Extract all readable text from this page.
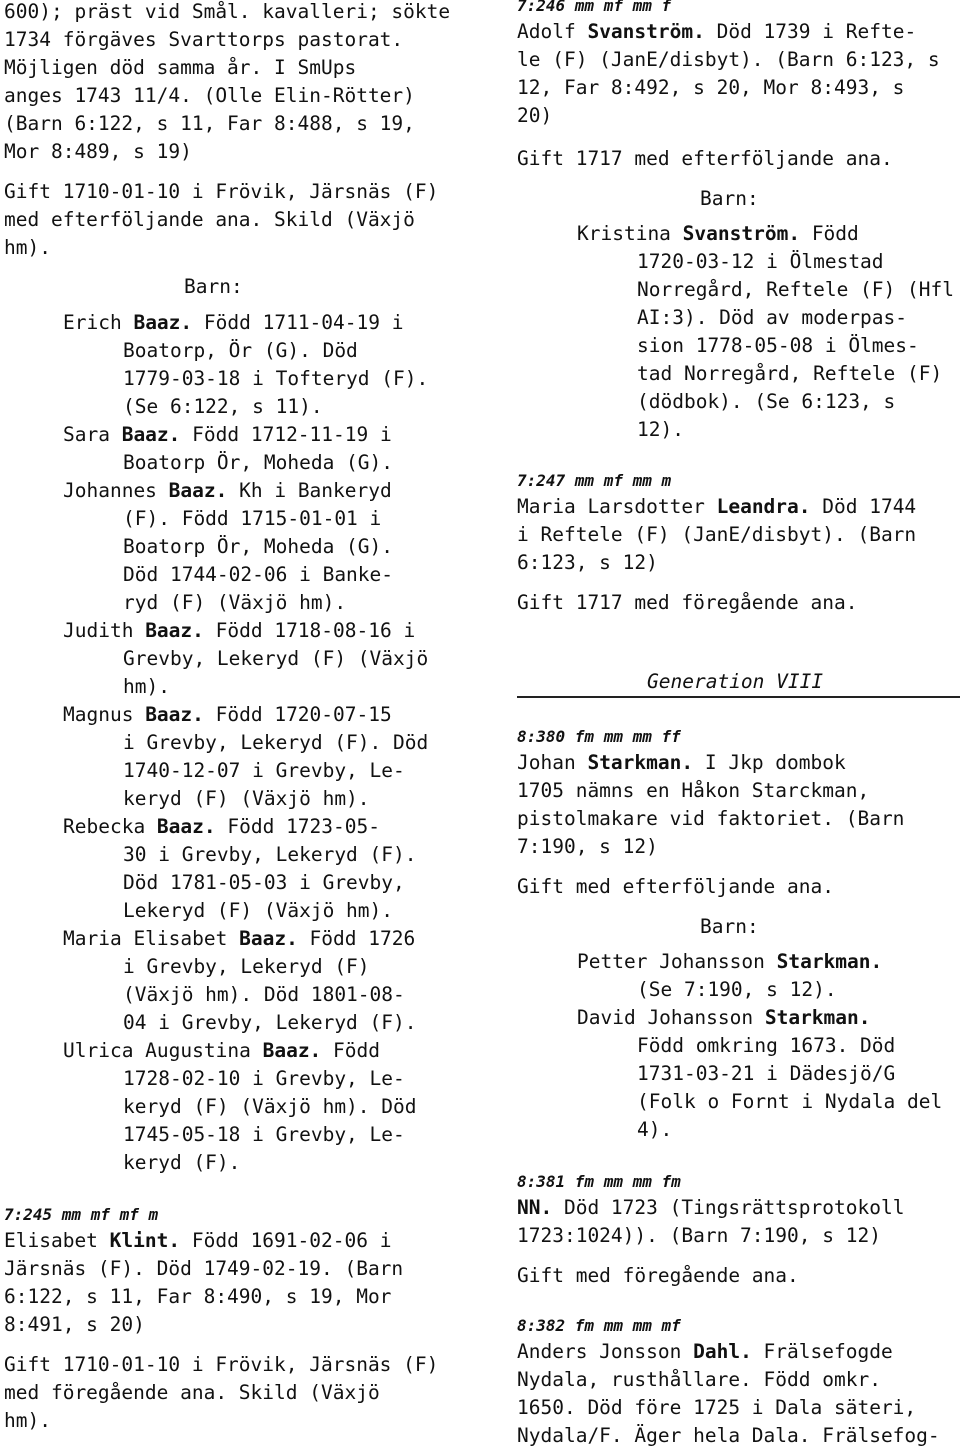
600); präst vid Smål. kavalleri; sökte
1734 förgäves Svarttorps pastorat.
Möjligen död samma år. I SmUps
anges 1743 11/4. (Olle Elin-Rötter)
(Barn 6:122, s 11, Far 8:488, s 19,
Mor 8:489, s 19)
Gift 1710-01-10 i Frövik, Järsnäs (F)
med efterföljande ana. Skild (Växjö
hm).
Barn:
Erich Baaz. Född 1711-04-19 i
Boatorp, Ör (G). Död
1779-03-18 i Tofteryd (F).
(Se 6:122, s 11).
Sara Baaz. Född 1712-11-19 i
Boatorp Ör, Moheda (G).
Johannes Baaz. Kh i Bankeryd
(F). Född 1715-01-01 i
Boatorp Ör, Moheda (G).
Död 1744-02-06 i Banke-
ryd (F) (Växjö hm).
Judith Baaz. Född 1718-08-16 i
Grevby, Lekeryd (F) (Växjö
hm).
Magnus Baaz. Född 1720-07-15
i Grevby, Lekeryd (F). Död
1740-12-07 i Grevby, Le-
keryd (F) (Växjö hm).
Rebecka Baaz. Född 1723-05-
30 i Grevby, Lekeryd (F).
Död 1781-05-03 i Grevby,
Lekeryd (F) (Växjö hm).
Maria Elisabet Baaz. Född 1726
i Grevby, Lekeryd (F)
(Växjö hm). Död 1801-08-
04 i Grevby, Lekeryd (F).
Ulrica Augustina Baaz. Född
1728-02-10 i Grevby, Le-
keryd (F) (Växjö hm). Död
1745-05-18 i Grevby, Le-
keryd (F).
7:245 mm mf mf m
Elisabet Klint. Född 1691-02-06 i
Järsnäs (F). Död 1749-02-19. (Barn
6:122, s 11, Far 8:490, s 19, Mor
8:491, s 20)
Gift 1710-01-10 i Frövik, Järsnäs (F)
med föregående ana. Skild (Växjö
hm).
7:246 mm mf mm f
Adolf Svanström. Död 1739 i Refte-
le (F) (JanE/disbyt). (Barn 6:123, s
12, Far 8:492, s 20, Mor 8:493, s
20)
Gift 1717 med efterföljande ana.
Barn:
Kristina Svanström. Född
1720-03-12 i Ölmestad
Norregård, Reftele (F) (Hfl
AI:3). Död av moderpas-
sion 1778-05-08 i Ölmes-
tad Norregård, Reftele (F)
(dödbok). (Se 6:123, s
12).
7:247 mm mf mm m
Maria Larsdotter Leandra. Död 1744
i Reftele (F) (JanE/disbyt). (Barn
6:123, s 12)
Gift 1717 med föregående ana.
Generation VIII
8:380 fm mm mm ff
Johan Starkman. I Jkp dombok
1705 nämns en Håkon Starckman,
pistolmakare vid faktoriet. (Barn
7:190, s 12)
Gift med efterföljande ana.
Barn:
Petter Johansson Starkman.
(Se 7:190, s 12).
David Johansson Starkman.
Född omkring 1673. Död
1731-03-21 i Dädesjö/G
(Folk o Fornt i Nydala del
4).
8:381 fm mm mm fm
NN. Död 1723 (Tingsrättsprotokoll
1723:1024)). (Barn 7:190, s 12)
Gift med föregående ana.
8:382 fm mm mm mf
Anders Jonsson Dahl. Frälsefogde
Nydala, rusthållare. Född omkr.
1650. Död före 1725 i Dala säteri,
Nydala/F. Äger hela Dala. Frälsefog-
